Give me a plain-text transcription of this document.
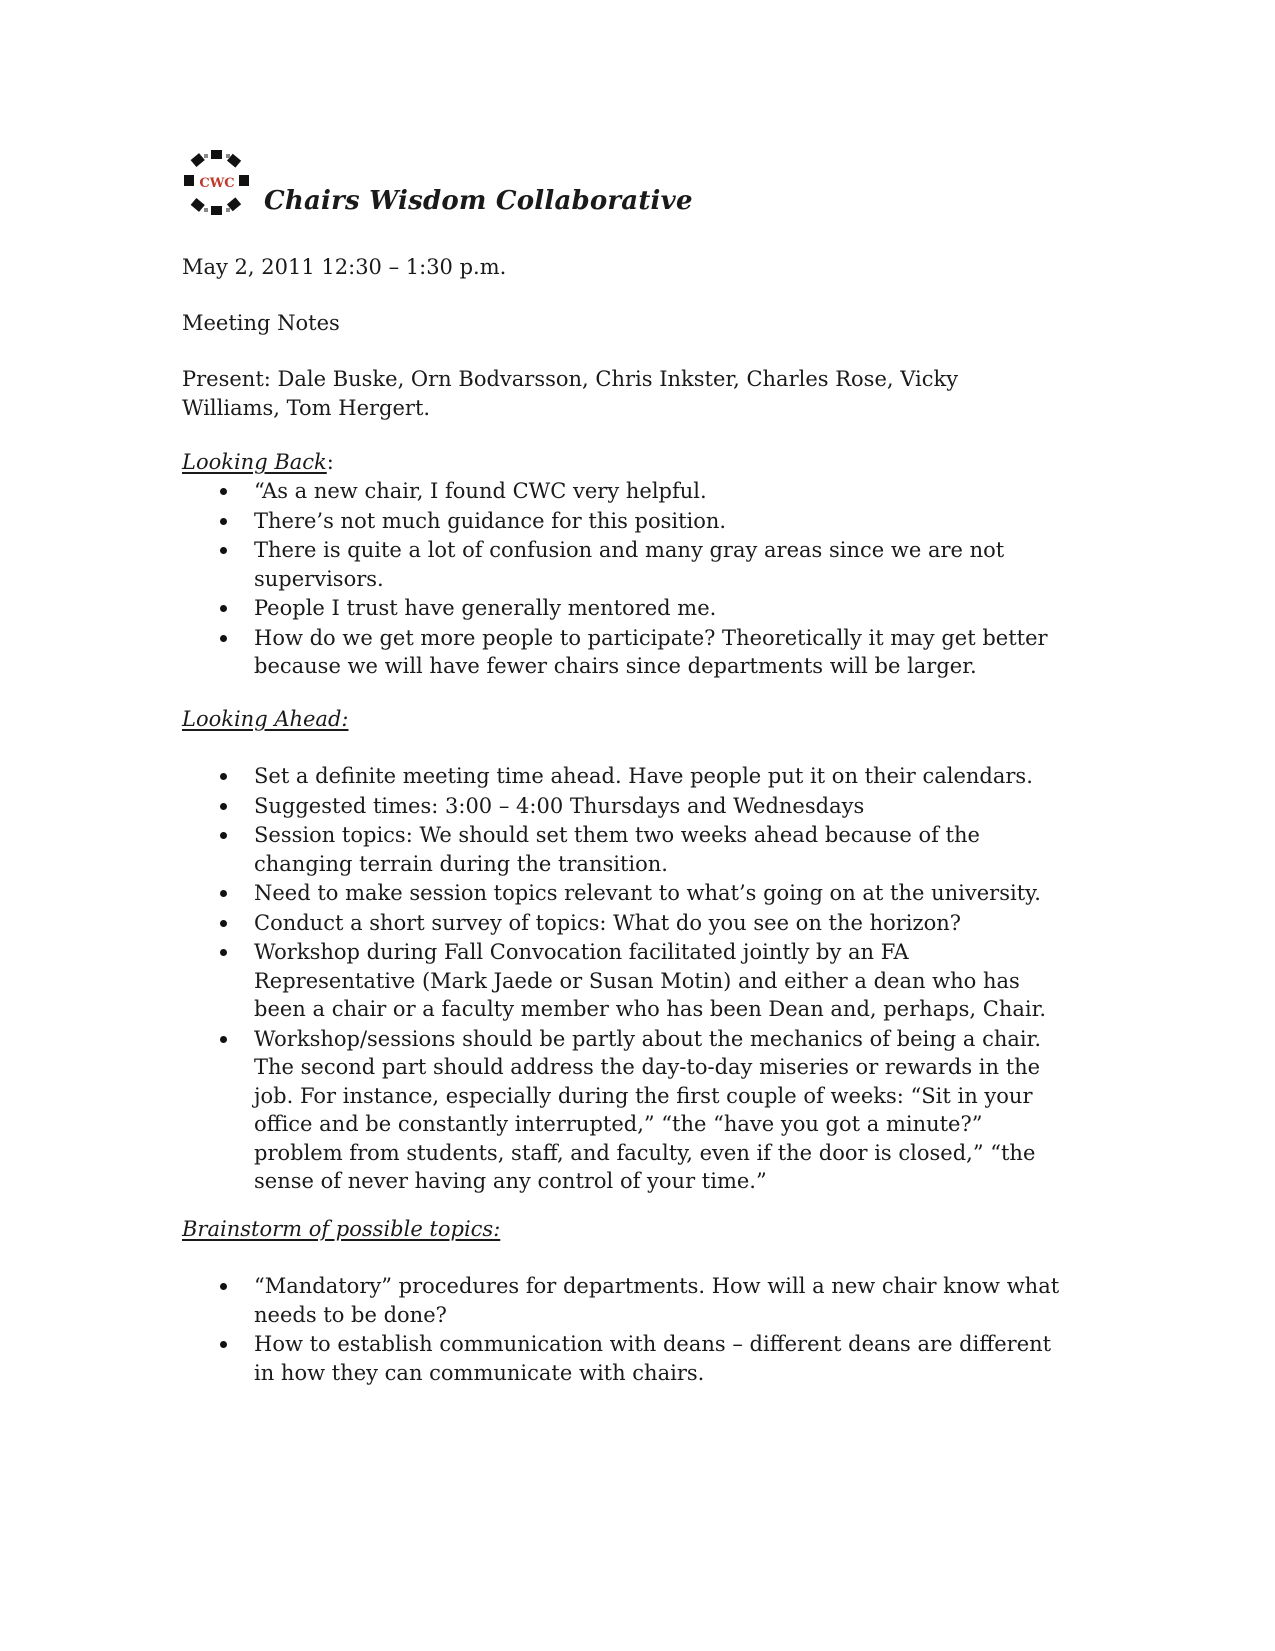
CWC
Chairs Wisdom Collaborative

May 2, 2011 12:30 – 1:30 p.m.

Meeting Notes

Present: Dale Buske, Orn Bodvarsson, Chris Inkster, Charles Rose, Vicky Williams, Tom Hergert.

Looking Back:

“As a new chair, I found CWC very helpful.
There’s not much guidance for this position.
There is quite a lot of confusion and many gray areas since we are not supervisors.
People I trust have generally mentored me.
How do we get more people to participate? Theoretically it may get better because we will have fewer chairs since departments will be larger.

Looking Ahead:

Set a definite meeting time ahead. Have people put it on their calendars.
Suggested times: 3:00 – 4:00 Thursdays and Wednesdays
Session topics: We should set them two weeks ahead because of the changing terrain during the transition.
Need to make session topics relevant to what’s going on at the university.
Conduct a short survey of topics: What do you see on the horizon?
Workshop during Fall Convocation facilitated jointly by an FA Representative (Mark Jaede or Susan Motin) and either a dean who has been a chair or a faculty member who has been Dean and, perhaps, Chair.
Workshop/sessions should be partly about the mechanics of being a chair. The second part should address the day-to-day miseries or rewards in the job. For instance, especially during the first couple of weeks: “Sit in your office and be constantly interrupted,” “the “have you got a minute?” problem from students, staff, and faculty, even if the door is closed,” “the sense of never having any control of your time.”

Brainstorm of possible topics:

“Mandatory” procedures for departments. How will a new chair know what needs to be done?
How to establish communication with deans – different deans are different in how they can communicate with chairs.
